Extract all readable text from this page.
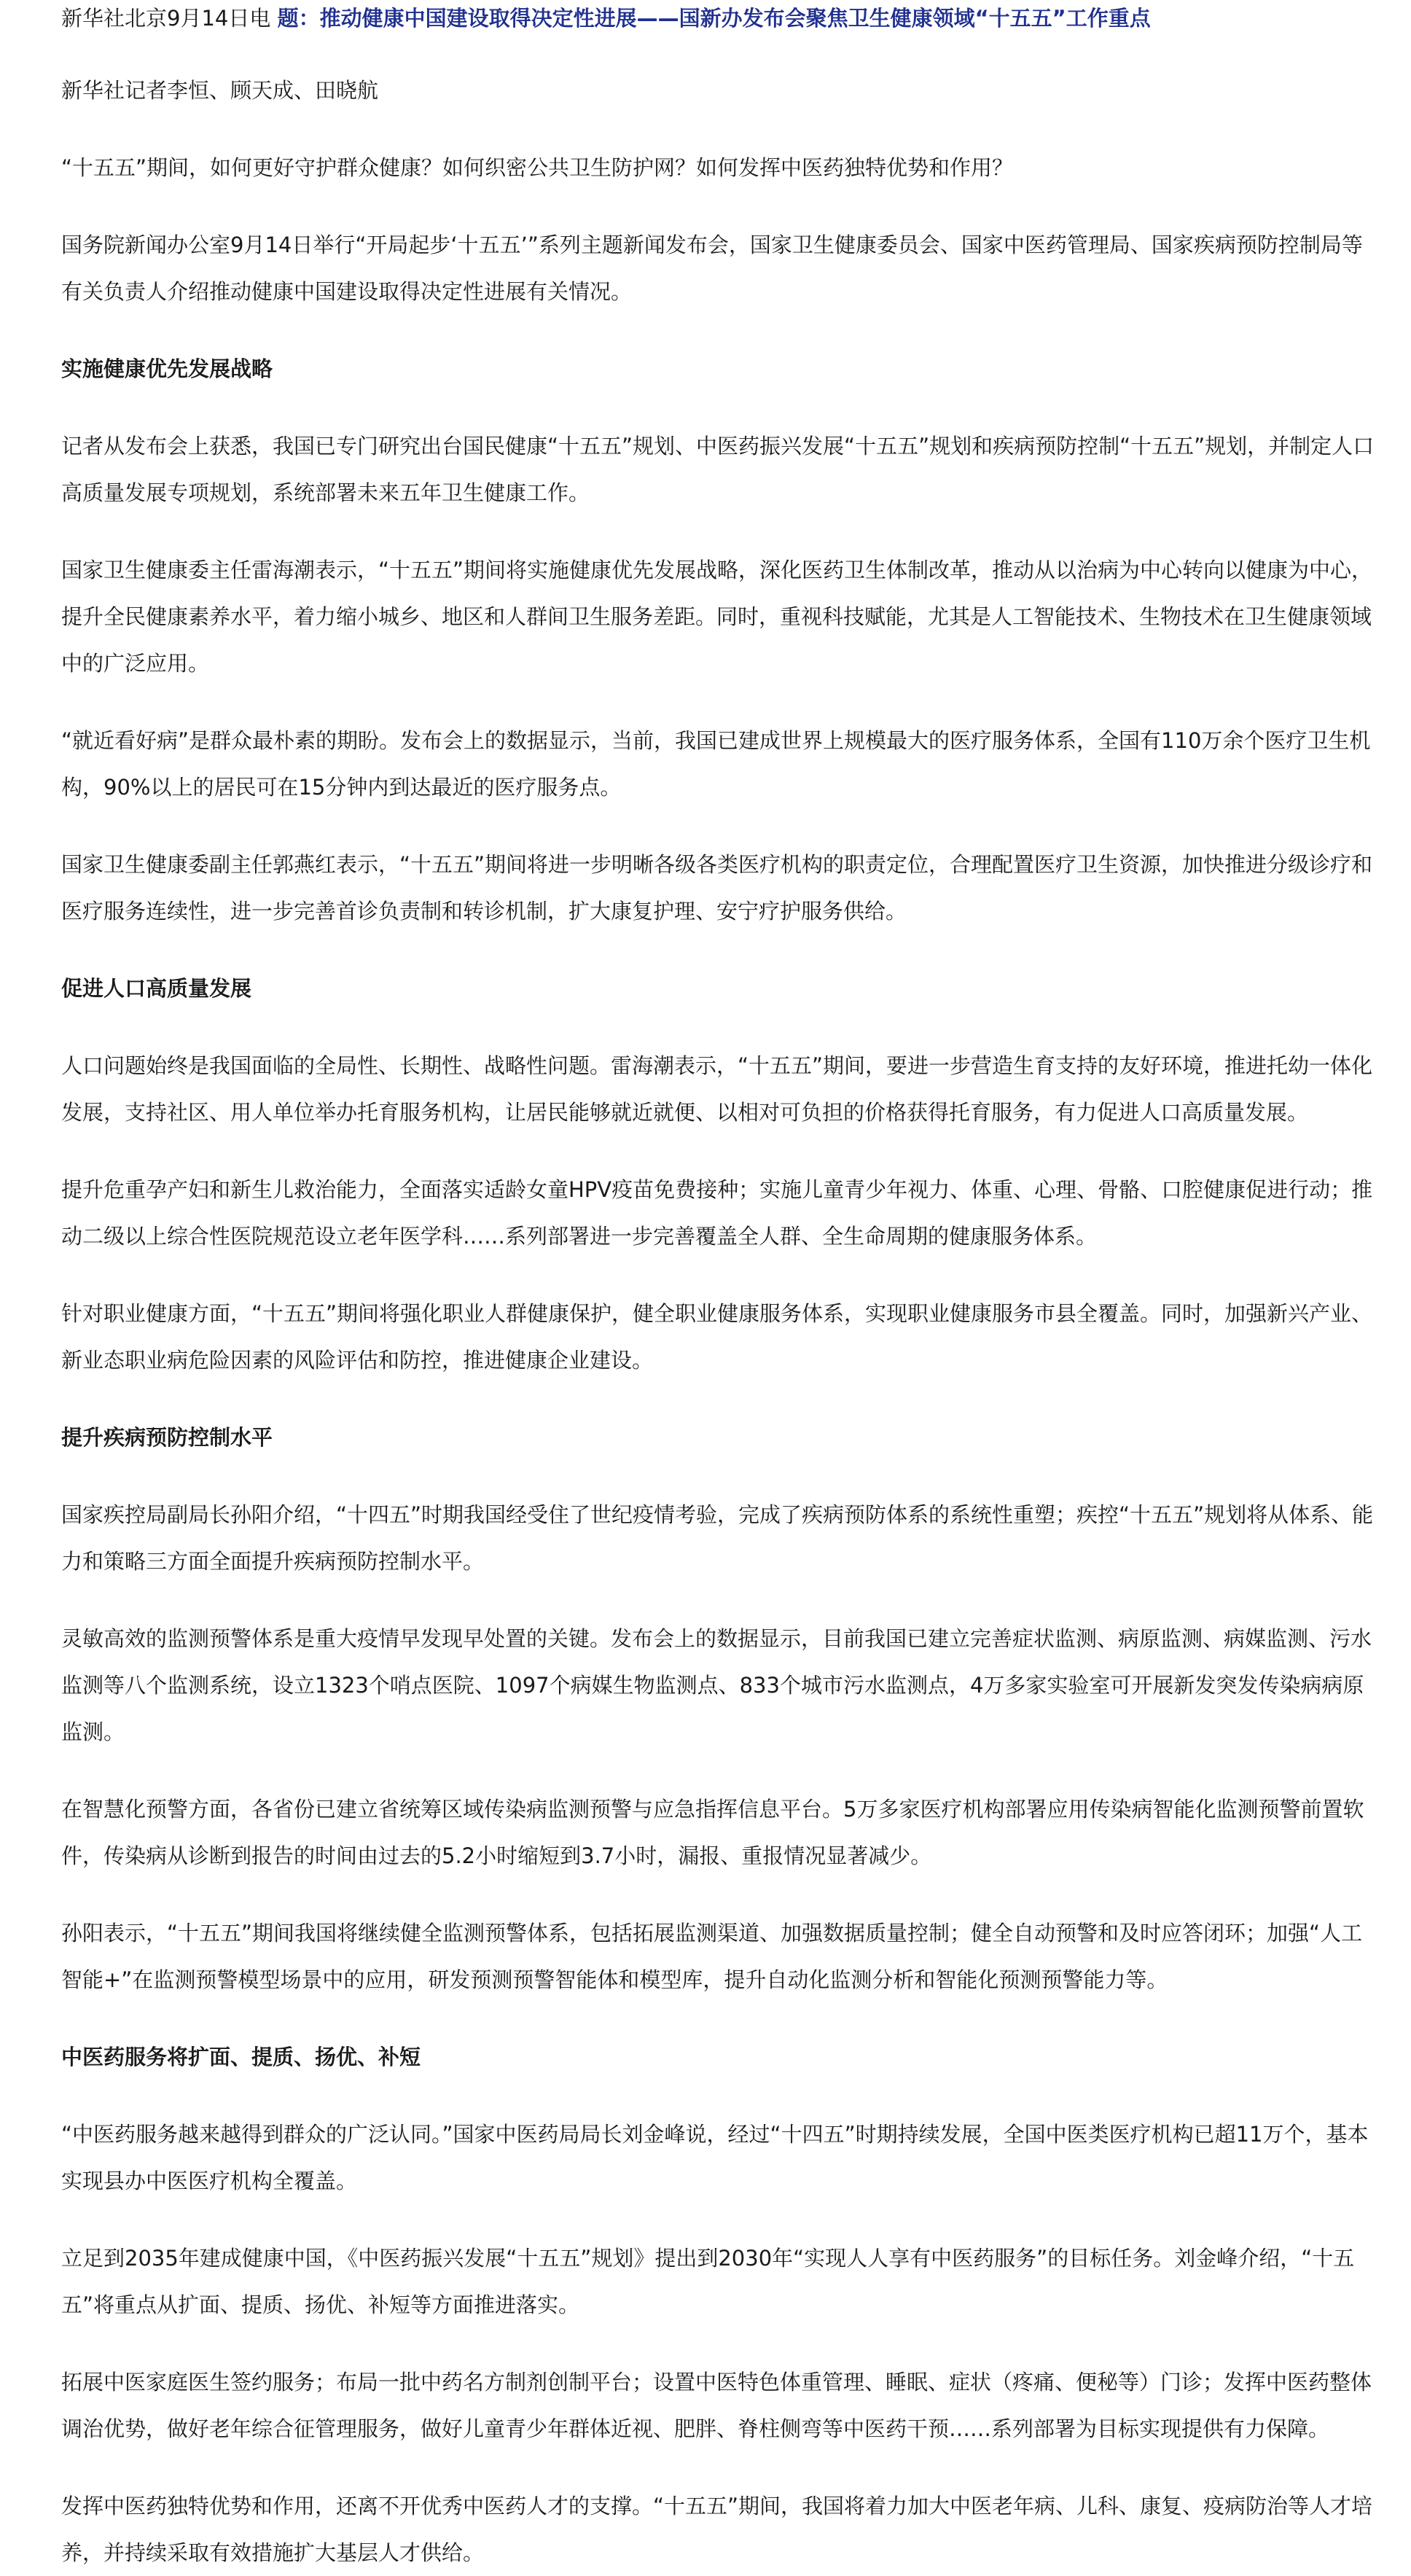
新华社北京9月14日电 题：推动健康中国建设取得决定性进展——国新办发布会聚焦卫生健康领域“十五五”工作重点

新华社记者李恒、顾天成、田晓航

“十五五”期间，如何更好守护群众健康？如何织密公共卫生防护网？如何发挥中医药独特优势和作用？

国务院新闻办公室9月14日举行“开局起步‘十五五’”系列主题新闻发布会，国家卫生健康委员会、国家中医药管理局、国家疾病预防控制局等有关负责人介绍推动健康中国建设取得决定性进展有关情况。

实施健康优先发展战略

记者从发布会上获悉，我国已专门研究出台国民健康“十五五”规划、中医药振兴发展“十五五”规划和疾病预防控制“十五五”规划，并制定人口高质量发展专项规划，系统部署未来五年卫生健康工作。

国家卫生健康委主任雷海潮表示，“十五五”期间将实施健康优先发展战略，深化医药卫生体制改革，推动从以治病为中心转向以健康为中心，提升全民健康素养水平，着力缩小城乡、地区和人群间卫生服务差距。同时，重视科技赋能，尤其是人工智能技术、生物技术在卫生健康领域中的广泛应用。

“就近看好病”是群众最朴素的期盼。发布会上的数据显示，当前，我国已建成世界上规模最大的医疗服务体系，全国有110万余个医疗卫生机构，90%以上的居民可在15分钟内到达最近的医疗服务点。

国家卫生健康委副主任郭燕红表示，“十五五”期间将进一步明晰各级各类医疗机构的职责定位，合理配置医疗卫生资源，加快推进分级诊疗和医疗服务连续性，进一步完善首诊负责制和转诊机制，扩大康复护理、安宁疗护服务供给。

促进人口高质量发展

人口问题始终是我国面临的全局性、长期性、战略性问题。雷海潮表示，“十五五”期间，要进一步营造生育支持的友好环境，推进托幼一体化发展，支持社区、用人单位举办托育服务机构，让居民能够就近就便、以相对可负担的价格获得托育服务，有力促进人口高质量发展。

提升危重孕产妇和新生儿救治能力，全面落实适龄女童HPV疫苗免费接种；实施儿童青少年视力、体重、心理、骨骼、口腔健康促进行动；推动二级以上综合性医院规范设立老年医学科……系列部署进一步完善覆盖全人群、全生命周期的健康服务体系。

针对职业健康方面，“十五五”期间将强化职业人群健康保护，健全职业健康服务体系，实现职业健康服务市县全覆盖。同时，加强新兴产业、新业态职业病危险因素的风险评估和防控，推进健康企业建设。

提升疾病预防控制水平

国家疾控局副局长孙阳介绍，“十四五”时期我国经受住了世纪疫情考验，完成了疾病预防体系的系统性重塑；疾控“十五五”规划将从体系、能力和策略三方面全面提升疾病预防控制水平。

灵敏高效的监测预警体系是重大疫情早发现早处置的关键。发布会上的数据显示，目前我国已建立完善症状监测、病原监测、病媒监测、污水监测等八个监测系统，设立1323个哨点医院、1097个病媒生物监测点、833个城市污水监测点，4万多家实验室可开展新发突发传染病病原监测。

在智慧化预警方面，各省份已建立省统筹区域传染病监测预警与应急指挥信息平台。5万多家医疗机构部署应用传染病智能化监测预警前置软件，传染病从诊断到报告的时间由过去的5.2小时缩短到3.7小时，漏报、重报情况显著减少。

孙阳表示，“十五五”期间我国将继续健全监测预警体系，包括拓展监测渠道、加强数据质量控制；健全自动预警和及时应答闭环；加强“人工智能+”在监测预警模型场景中的应用，研发预测预警智能体和模型库，提升自动化监测分析和智能化预测预警能力等。

中医药服务将扩面、提质、扬优、补短

“中医药服务越来越得到群众的广泛认同。”国家中医药局局长刘金峰说，经过“十四五”时期持续发展，全国中医类医疗机构已超11万个，基本实现县办中医医疗机构全覆盖。

立足到2035年建成健康中国，《中医药振兴发展“十五五”规划》提出到2030年“实现人人享有中医药服务”的目标任务。刘金峰介绍，“十五五”将重点从扩面、提质、扬优、补短等方面推进落实。

拓展中医家庭医生签约服务；布局一批中药名方制剂创制平台；设置中医特色体重管理、睡眠、症状（疼痛、便秘等）门诊；发挥中医药整体调治优势，做好老年综合征管理服务，做好儿童青少年群体近视、肥胖、脊柱侧弯等中医药干预……系列部署为目标实现提供有力保障。

发挥中医药独特优势和作用，还离不开优秀中医药人才的支撑。“十五五”期间，我国将着力加大中医老年病、儿科、康复、疫病防治等人才培养，并持续采取有效措施扩大基层人才供给。
